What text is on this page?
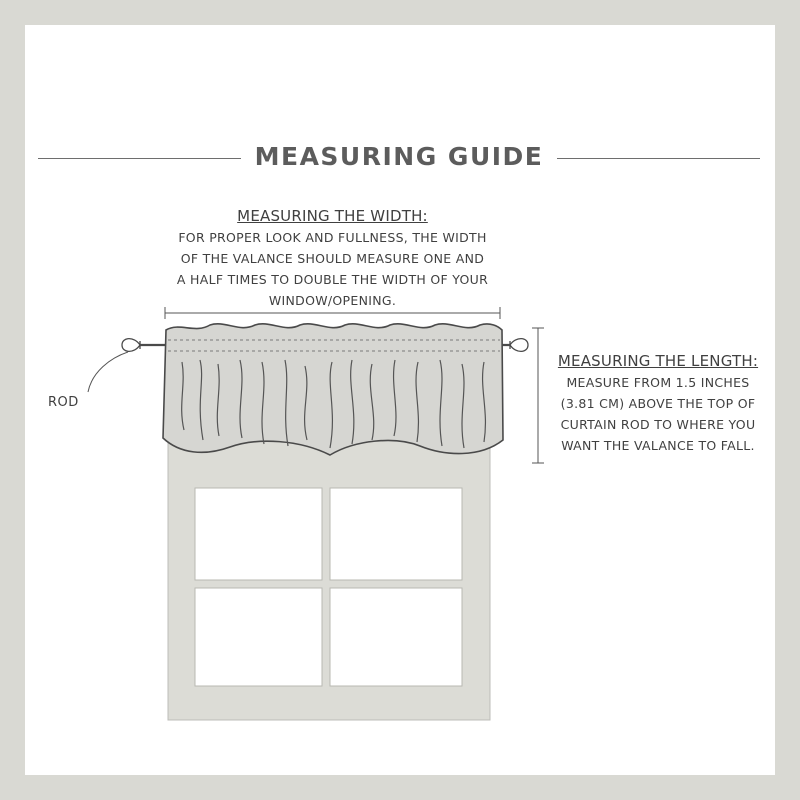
MEASURING GUIDE
MEASURING THE WIDTH:
FOR PROPER LOOK AND FULLNESS, THE WIDTH
OF THE VALANCE SHOULD MEASURE ONE AND
A HALF TIMES TO DOUBLE THE WIDTH OF YOUR
WINDOW/OPENING.
MEASURING THE LENGTH:
MEASURE FROM 1.5 INCHES
(3.81 CM) ABOVE THE TOP OF
CURTAIN ROD TO WHERE YOU
WANT THE VALANCE TO FALL.
ROD
